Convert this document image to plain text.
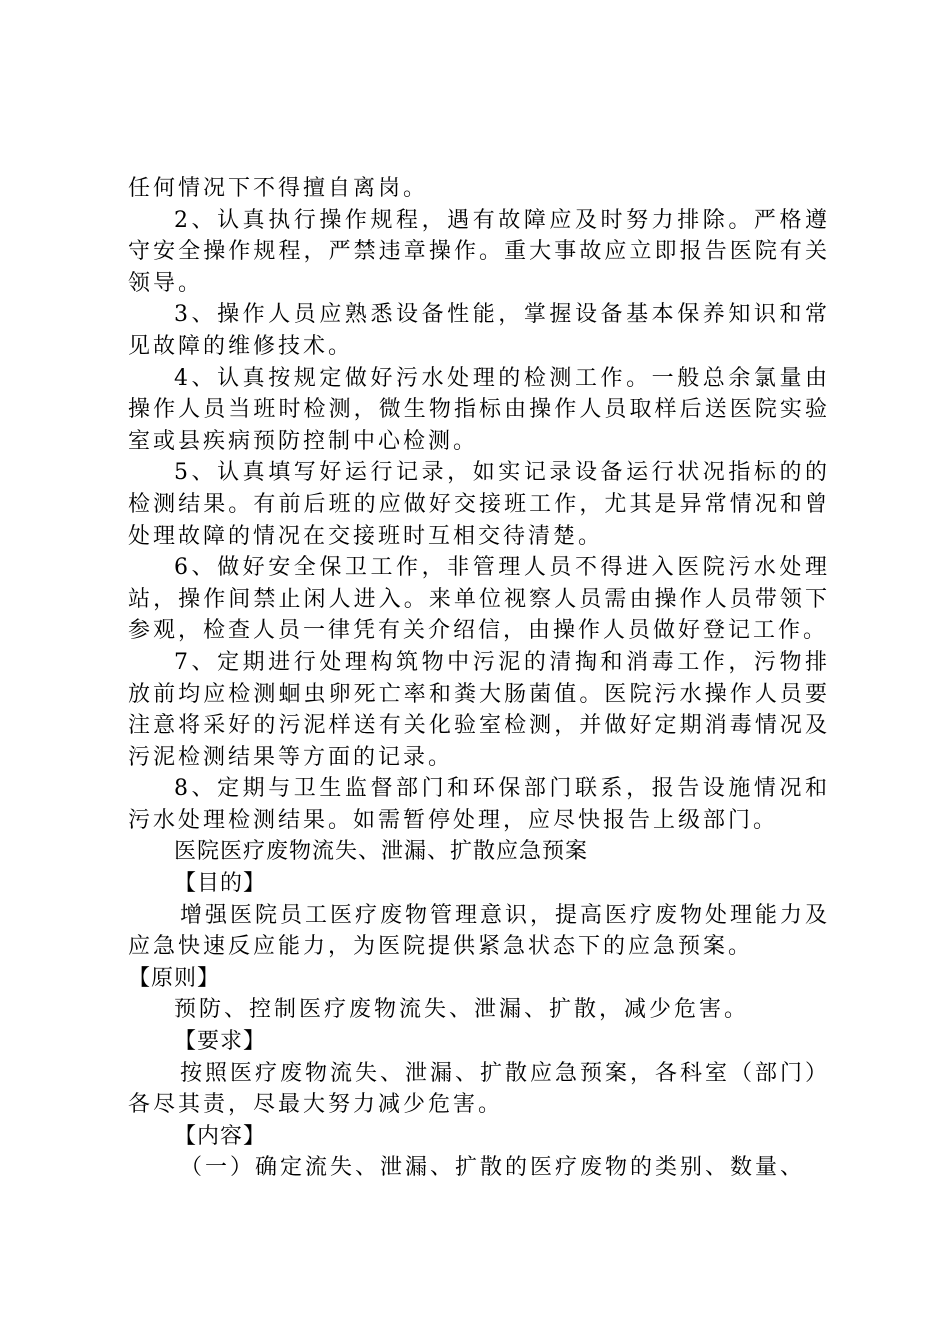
任何情况下不得擅自离岗。

2、认真执行操作规程，遇有故障应及时努力排除。严格遵守安全操作规程，严禁违章操作。重大事故应立即报告医院有关领导。

3、操作人员应熟悉设备性能，掌握设备基本保养知识和常见故障的维修技术。

4、认真按规定做好污水处理的检测工作。一般总余氯量由操作人员当班时检测，微生物指标由操作人员取样后送医院实验室或县疾病预防控制中心检测。

5、认真填写好运行记录，如实记录设备运行状况指标的的检测结果。有前后班的应做好交接班工作，尤其是异常情况和曾处理故障的情况在交接班时互相交待清楚。

6、做好安全保卫工作，非管理人员不得进入医院污水处理站，操作间禁止闲人进入。来单位视察人员需由操作人员带领下参观，检查人员一律凭有关介绍信，由操作人员做好登记工作。

7、定期进行处理构筑物中污泥的清掏和消毒工作，污物排放前均应检测蛔虫卵死亡率和粪大肠菌值。医院污水操作人员要注意将采好的污泥样送有关化验室检测，并做好定期消毒情况及污泥检测结果等方面的记录。

8、定期与卫生监督部门和环保部门联系，报告设施情况和污水处理检测结果。如需暂停处理，应尽快报告上级部门。

医院医疗废物流失、泄漏、扩散应急预案

【目的】

增强医院员工医疗废物管理意识，提高医疗废物处理能力及应急快速反应能力，为医院提供紧急状态下的应急预案。

【原则】

预防、控制医疗废物流失、泄漏、扩散，减少危害。

【要求】

按照医疗废物流失、泄漏、扩散应急预案，各科室（部门）各尽其责，尽最大努力减少危害。

【内容】

（一）确定流失、泄漏、扩散的医疗废物的类别、数量、
